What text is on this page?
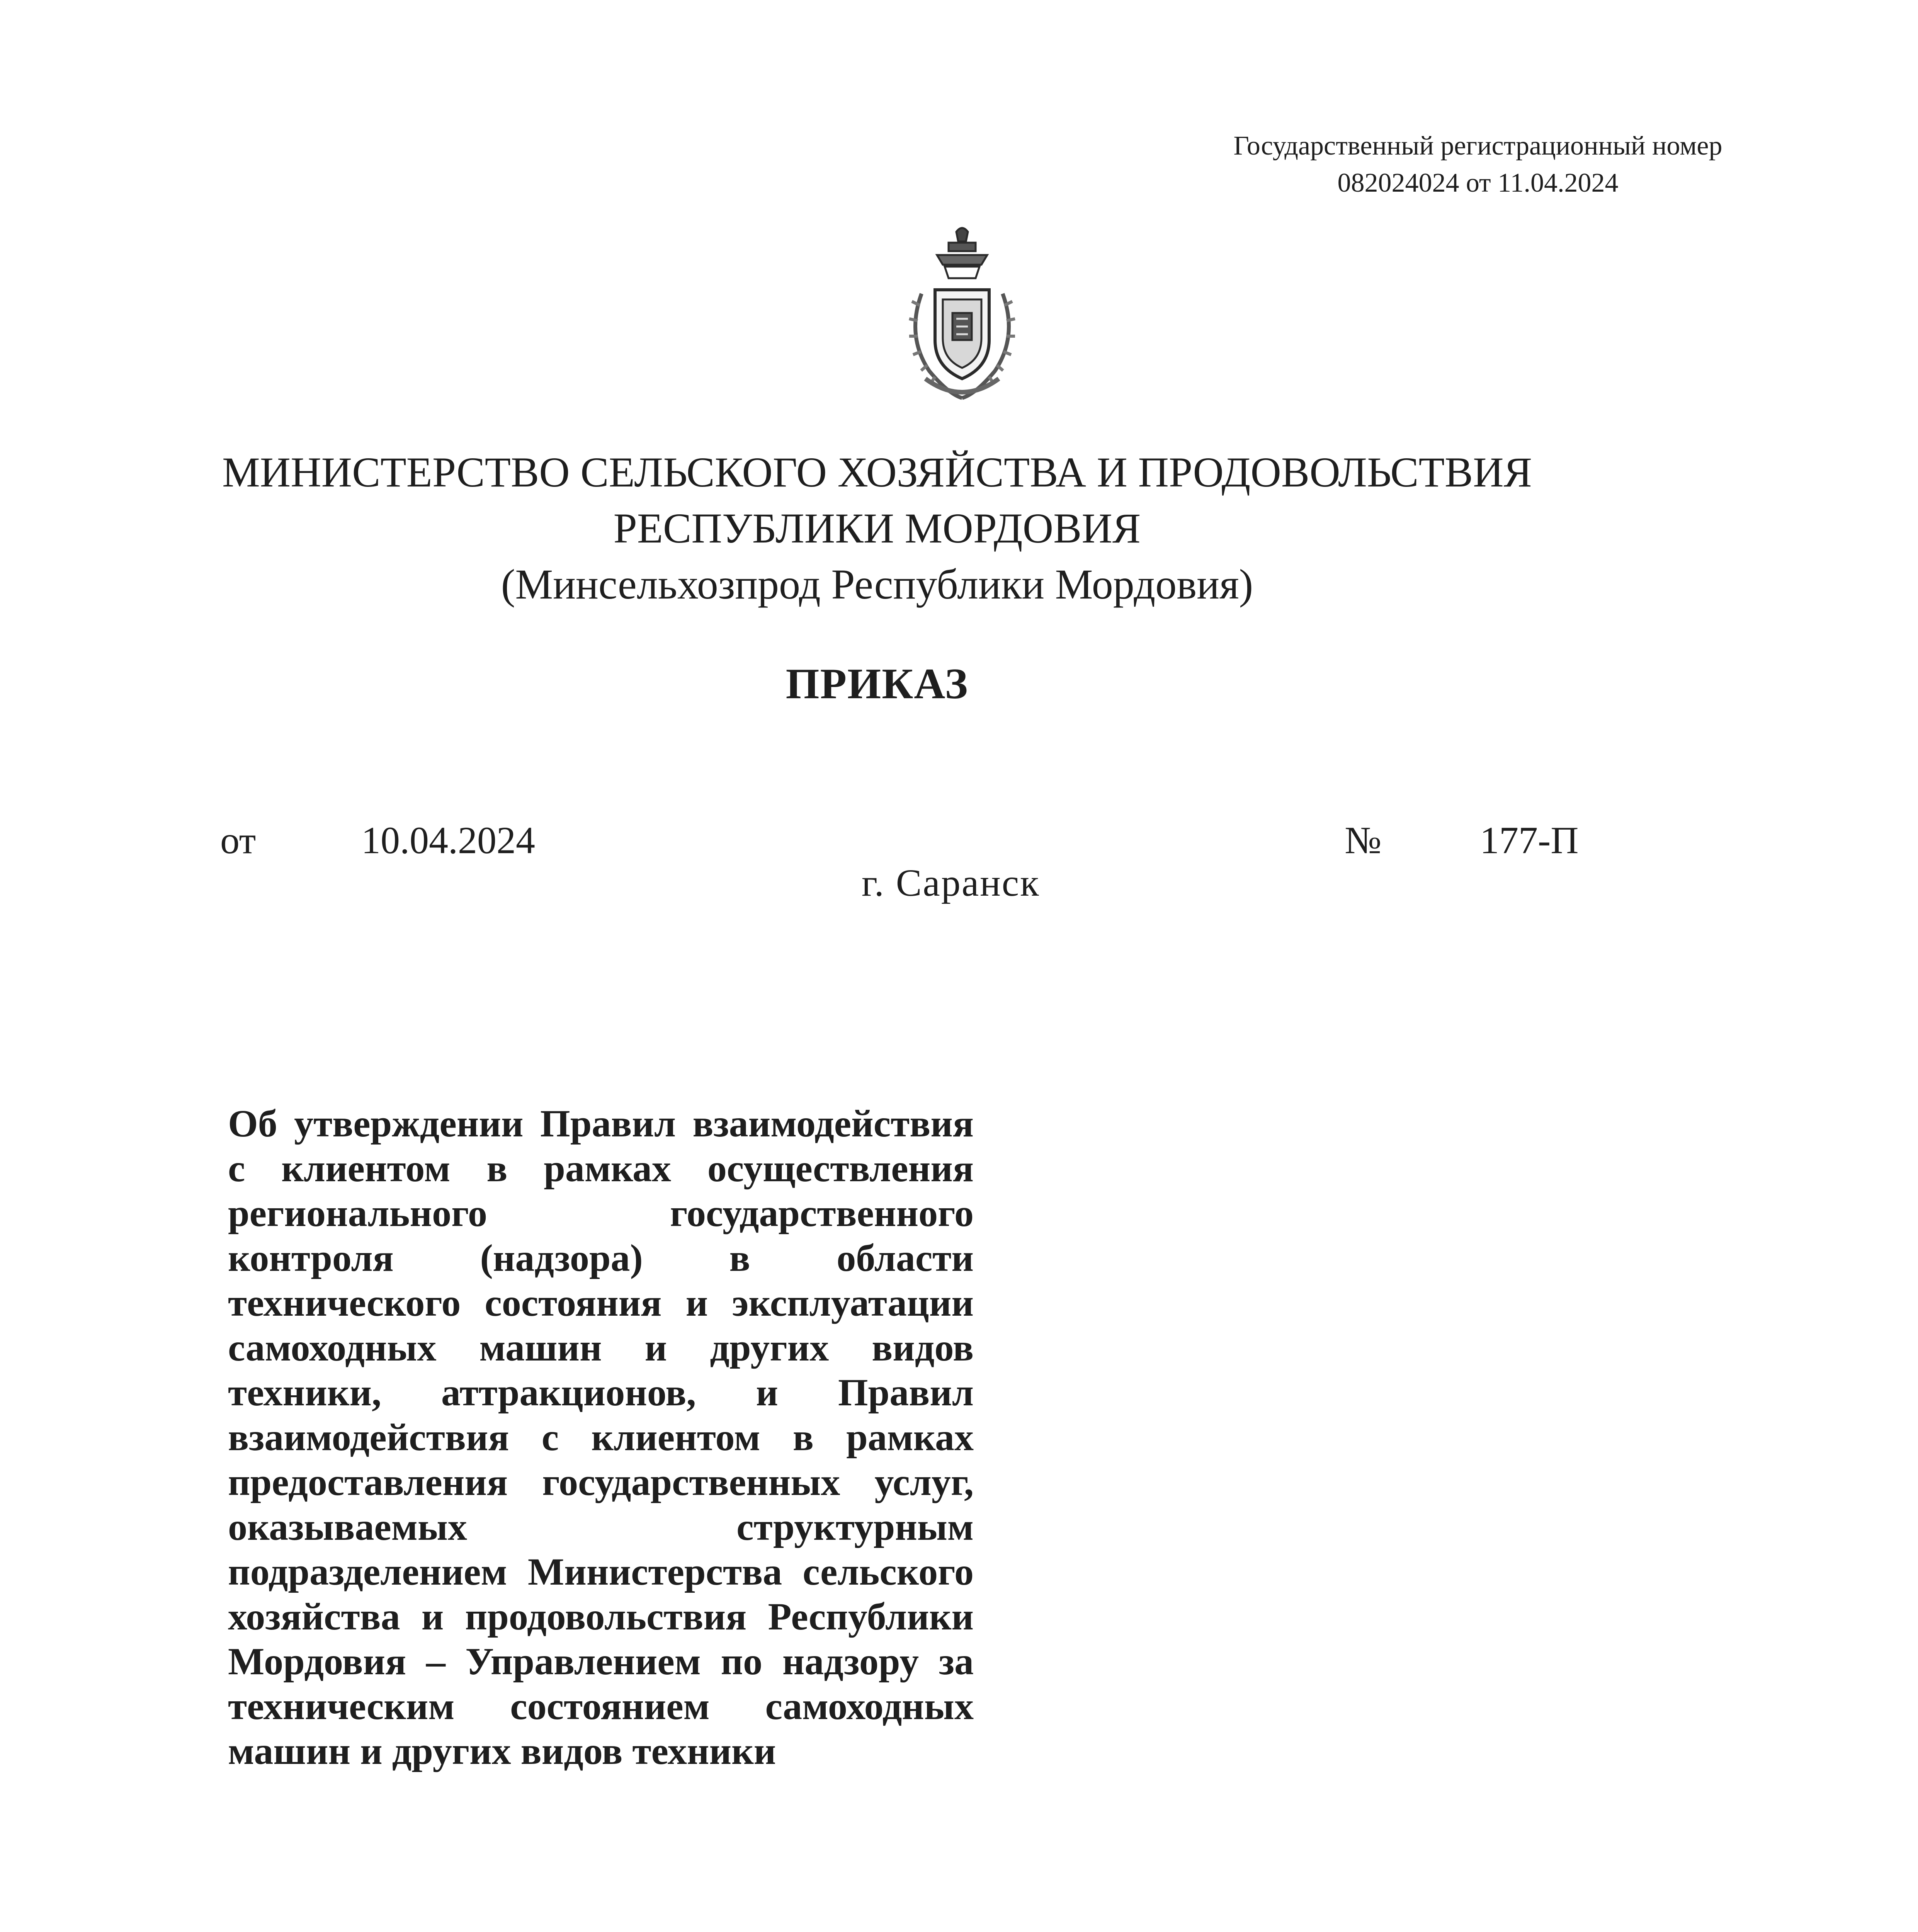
Государственный регистрационный номер
082024024 от 11.04.2024
МИНИСТЕРСТВО СЕЛЬСКОГО ХОЗЯЙСТВА И ПРОДОВОЛЬСТВИЯ
РЕСПУБЛИКИ МОРДОВИЯ
(Минсельхозпрод Республики Мордовия)
ПРИКАЗ
от	10.04.2024	№	177-П
г. Саранск
Об утверждении Правил взаимодействия с клиентом в рамках осуществления регионального государственного контроля (надзора) в области технического состояния и эксплуатации самоходных машин и других видов техники, аттракционов, и Правил взаимодействия с клиентом в рамках предоставления государственных услуг, оказываемых структурным подразделением Министерства сельского хозяйства и продовольствия Республики Мордовия – Управлением по надзору за техническим состоянием самоходных машин и других видов техники
